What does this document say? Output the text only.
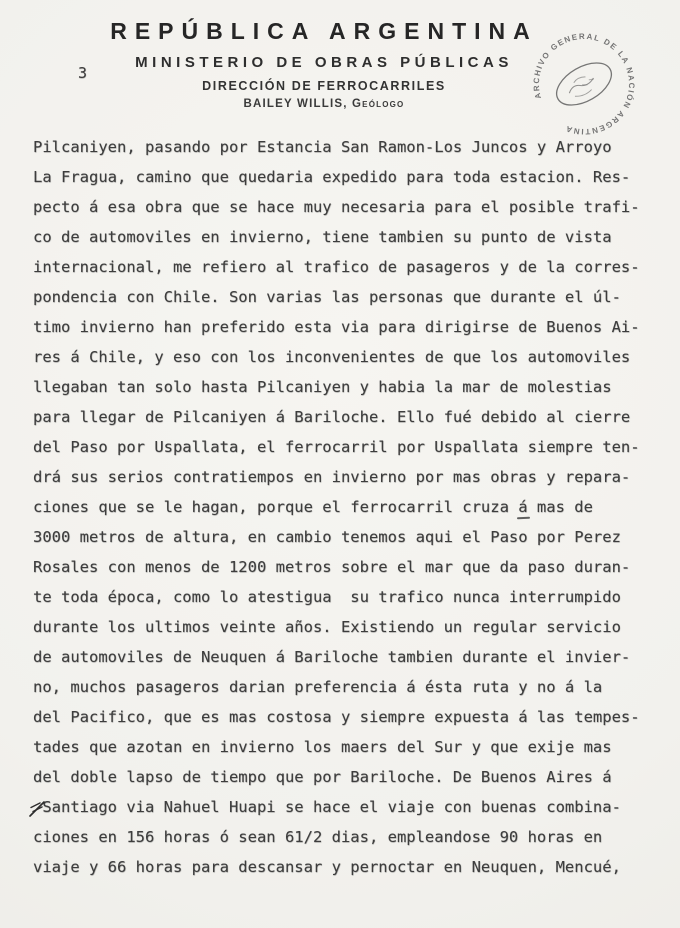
3
REPÚBLICA ARGENTINA
MINISTERIO DE OBRAS PÚBLICAS
DIRECCIÓN DE FERROCARRILES
BAILEY WILLIS, Geólogo
ARCHIVO GENERAL DE LA NACIÓN ARGENTINA
Pilcaniyen, pasando por Estancia San Ramon-Los Juncos y Arroyo
La Fragua, camino que quedaria expedido para toda estacion. Res-
pecto á esa obra que se hace muy necesaria para el posible trafi-
co de automoviles en invierno, tiene tambien su punto de vista
internacional, me refiero al trafico de pasageros y de la corres-
pondencia con Chile. Son varias las personas que durante el úl-
timo invierno han preferido esta via para dirigirse de Buenos Ai-
res á Chile, y eso con los inconvenientes de que los automoviles
llegaban tan solo hasta Pilcaniyen y habia la mar de molestias
para llegar de Pilcaniyen á Bariloche. Ello fué debido al cierre
del Paso por Uspallata, el ferrocarril por Uspallata siempre ten-
drá sus serios contratiempos en invierno por mas obras y repara-
ciones que se le hagan, porque el ferrocarril cruza á mas de
3000 metros de altura, en cambio tenemos aqui el Paso por Perez
Rosales con menos de 1200 metros sobre el mar que da paso duran-
te toda época, como lo atestigua  su trafico nunca interrumpido
durante los ultimos veinte años. Existiendo un regular servicio
de automoviles de Neuquen á Bariloche tambien durante el invier-
no, muchos pasageros darian preferencia á ésta ruta y no á la
del Pacifico, que es mas costosa y siempre expuesta á las tempes-
tades que azotan en invierno los maers del Sur y que exije mas
del doble lapso de tiempo que por Bariloche. De Buenos Aires á
Santiago via Nahuel Huapi se hace el viaje con buenas combina-
ciones en 156 horas ó sean 61/2 dias, empleandose 90 horas en
viaje y 66 horas para descansar y pernoctar en Neuquen, Mencué,
